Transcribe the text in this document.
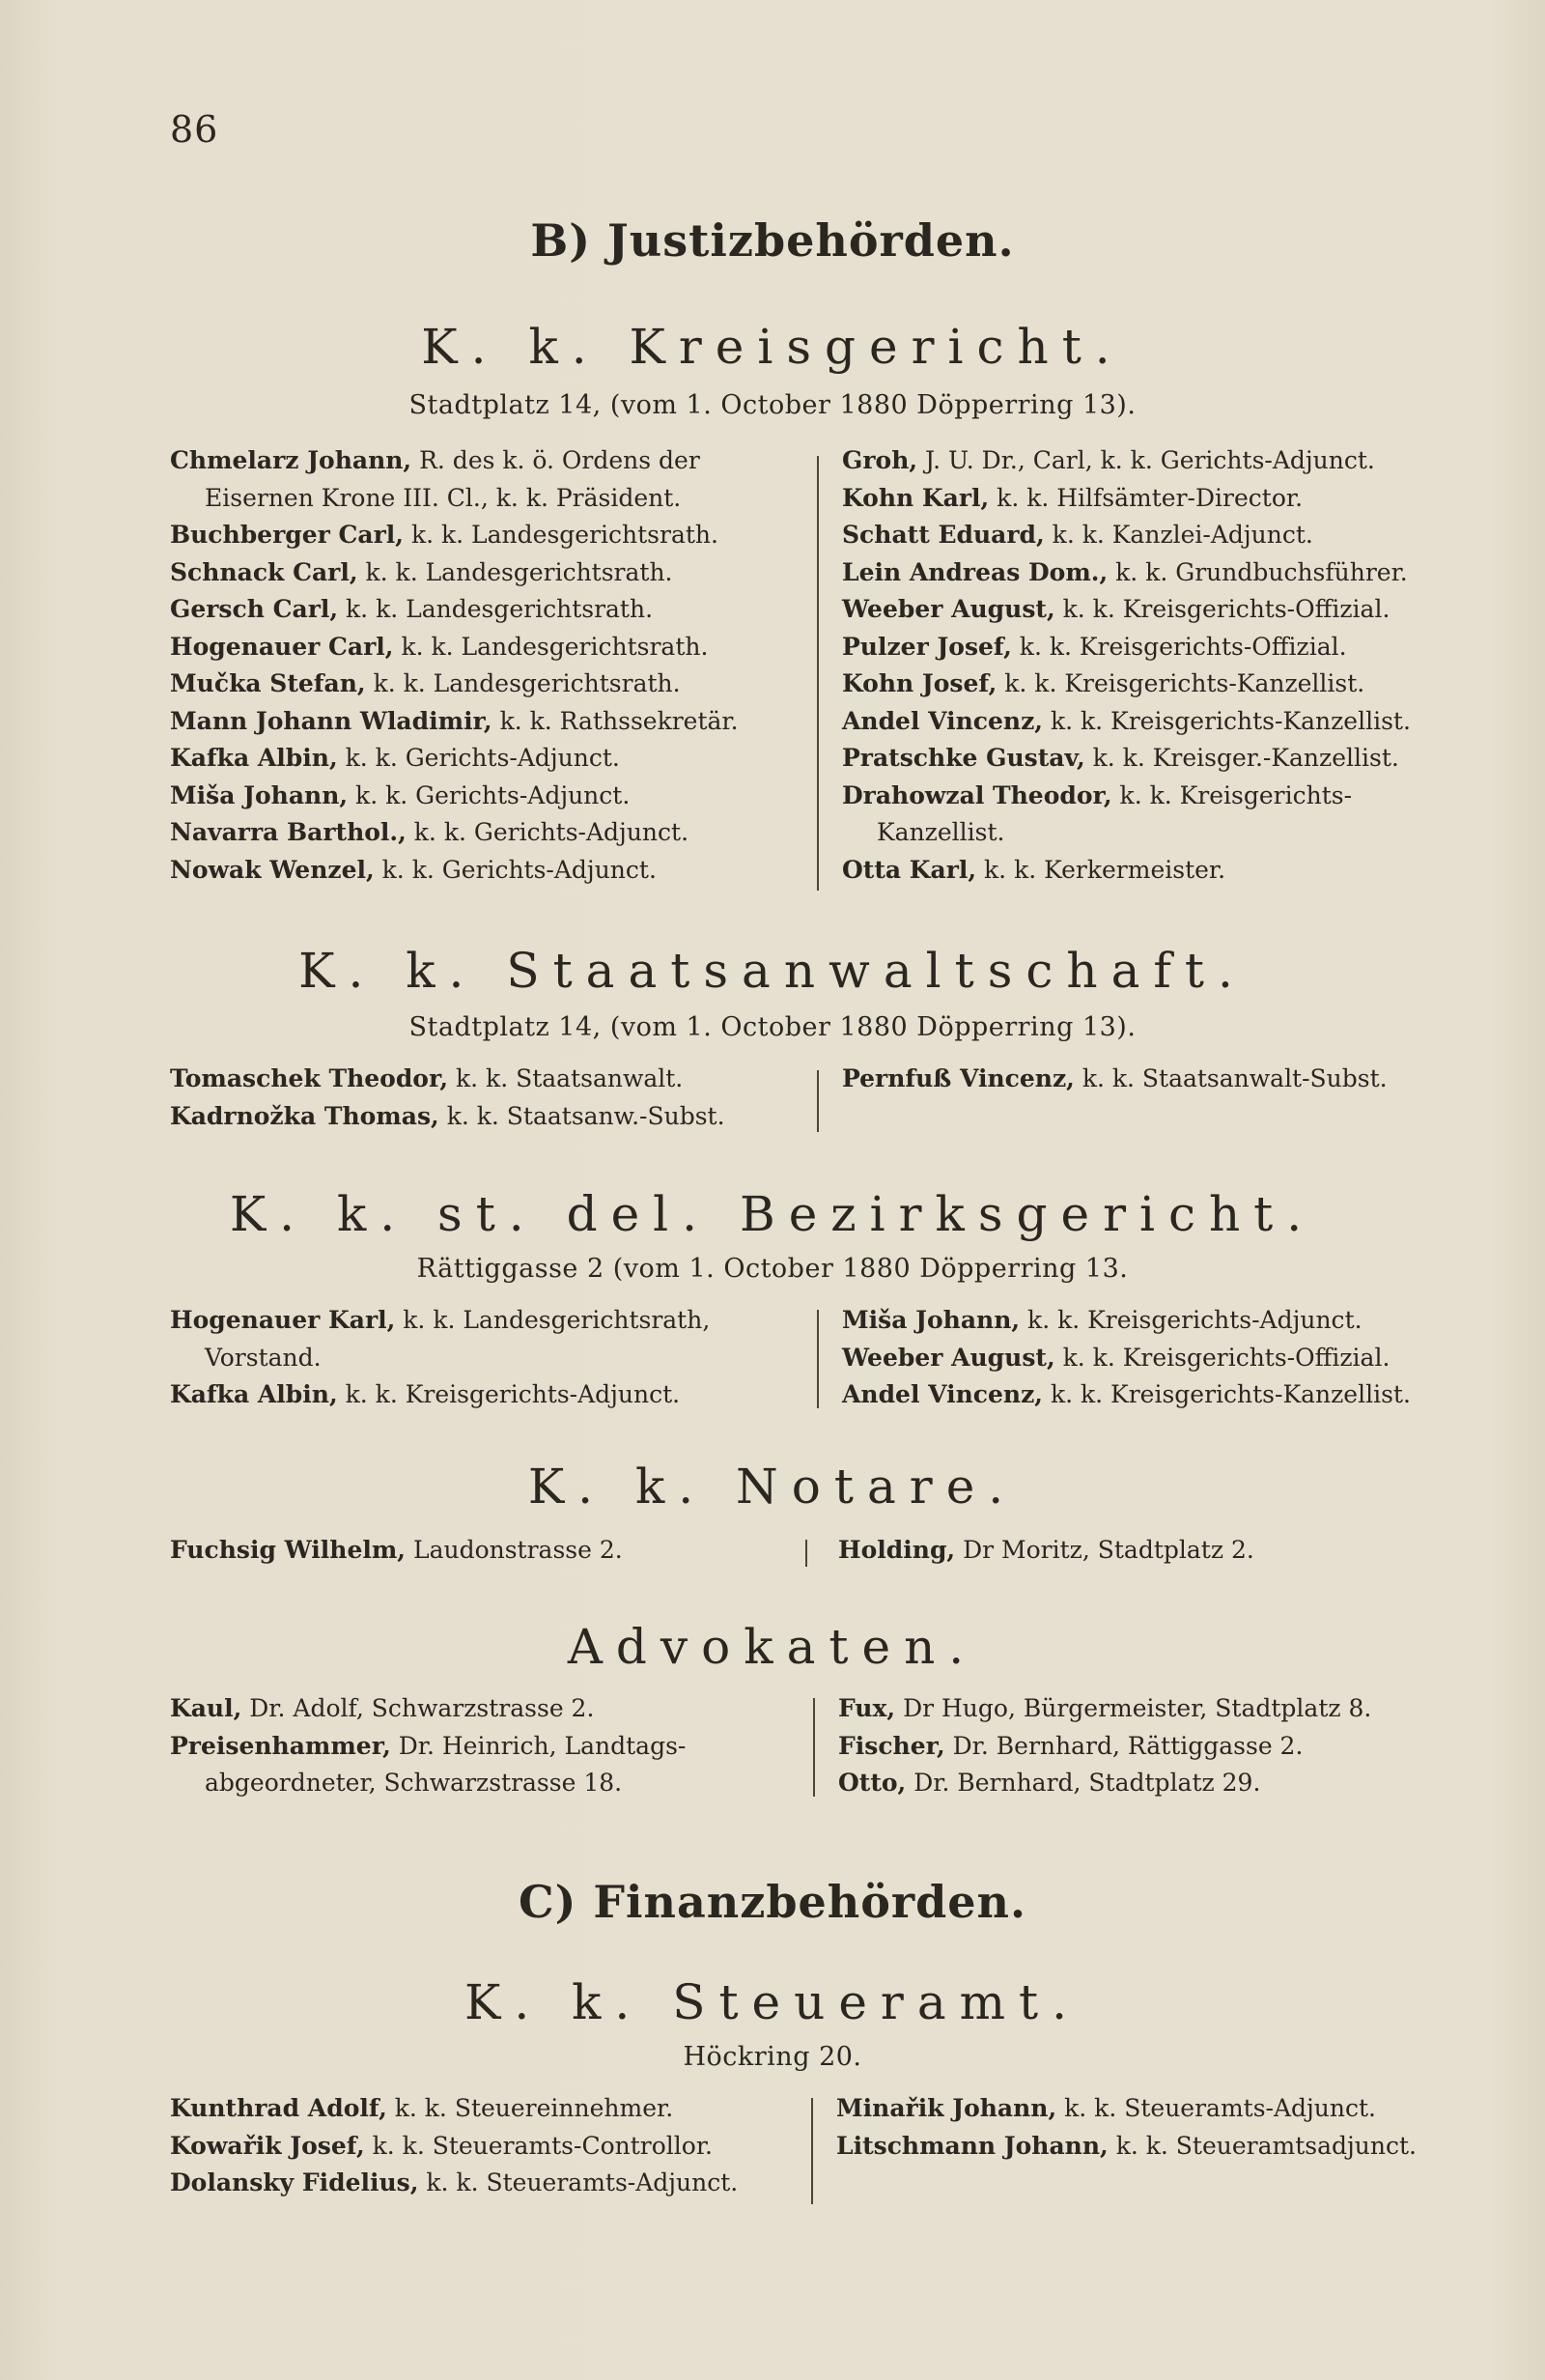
86
B) Justizbehörden.
K. k. Kreisgericht.
Stadtplatz 14, (vom 1. October 1880 Döpperring 13).
Chmelarz Johann, R. des k. ö. Ordens der Eisernen Krone III. Cl., k. k. Präsident.
Buchberger Carl, k. k. Landesgerichtsrath.
Schnack Carl, k. k. Landesgerichtsrath.
Gersch Carl, k. k. Landesgerichtsrath.
Hogenauer Carl, k. k. Landesgerichtsrath.
Mučka Stefan, k. k. Landesgerichtsrath.
Mann Johann Wladimir, k. k. Rathssekretär.
Kafka Albin, k. k. Gerichts-Adjunct.
Miša Johann, k. k. Gerichts-Adjunct.
Navarra Barthol., k. k. Gerichts-Adjunct.
Nowak Wenzel, k. k. Gerichts-Adjunct.
Groh, J. U. Dr., Carl, k. k. Gerichts-Adjunct.
Kohn Karl, k. k. Hilfsämter-Director.
Schatt Eduard, k. k. Kanzlei-Adjunct.
Lein Andreas Dom., k. k. Grundbuchsführer.
Weeber August, k. k. Kreisgerichts-Offizial.
Pulzer Josef, k. k. Kreisgerichts-Offizial.
Kohn Josef, k. k. Kreisgerichts-Kanzellist.
Andel Vincenz, k. k. Kreisgerichts-Kanzellist.
Pratschke Gustav, k. k. Kreisger.-Kanzellist.
Drahowzal Theodor, k. k. Kreisgerichts-Kanzellist.
Otta Karl, k. k. Kerkermeister.
K. k. Staatsanwaltschaft.
Stadtplatz 14, (vom 1. October 1880 Döpperring 13).
Tomaschek Theodor, k. k. Staatsanwalt.
Kadrnožka Thomas, k. k. Staatsanw.-Subst.
Pernfuß Vincenz, k. k. Staatsanwalt-Subst.
K. k. st. del. Bezirksgericht.
Rättiggasse 2 (vom 1. October 1880 Döpperring 13.
Hogenauer Karl, k. k. Landesgerichtsrath, Vorstand.
Kafka Albin, k. k. Kreisgerichts-Adjunct.
Miša Johann, k. k. Kreisgerichts-Adjunct.
Weeber August, k. k. Kreisgerichts-Offizial.
Andel Vincenz, k. k. Kreisgerichts-Kanzellist.
K. k. Notare.
Fuchsig Wilhelm, Laudonstrasse 2.	Holding, Dr Moritz, Stadtplatz 2.
Advokaten.
Kaul, Dr. Adolf, Schwarzstrasse 2.
Preisenhammer, Dr. Heinrich, Landtags-abgeordneter, Schwarzstrasse 18.
Fux, Dr Hugo, Bürgermeister, Stadtplatz 8.
Fischer, Dr. Bernhard, Rättiggasse 2.
Otto, Dr. Bernhard, Stadtplatz 29.
C) Finanzbehörden.
K. k. Steueramt.
Höckring 20.
Kunthrad Adolf, k. k. Steuereinnehmer.
Kowařik Josef, k. k. Steueramts-Controllor.
Dolansky Fidelius, k. k. Steueramts-Adjunct.
Minařik Johann, k. k. Steueramts-Adjunct.
Litschmann Johann, k. k. Steueramtsadjunct.
